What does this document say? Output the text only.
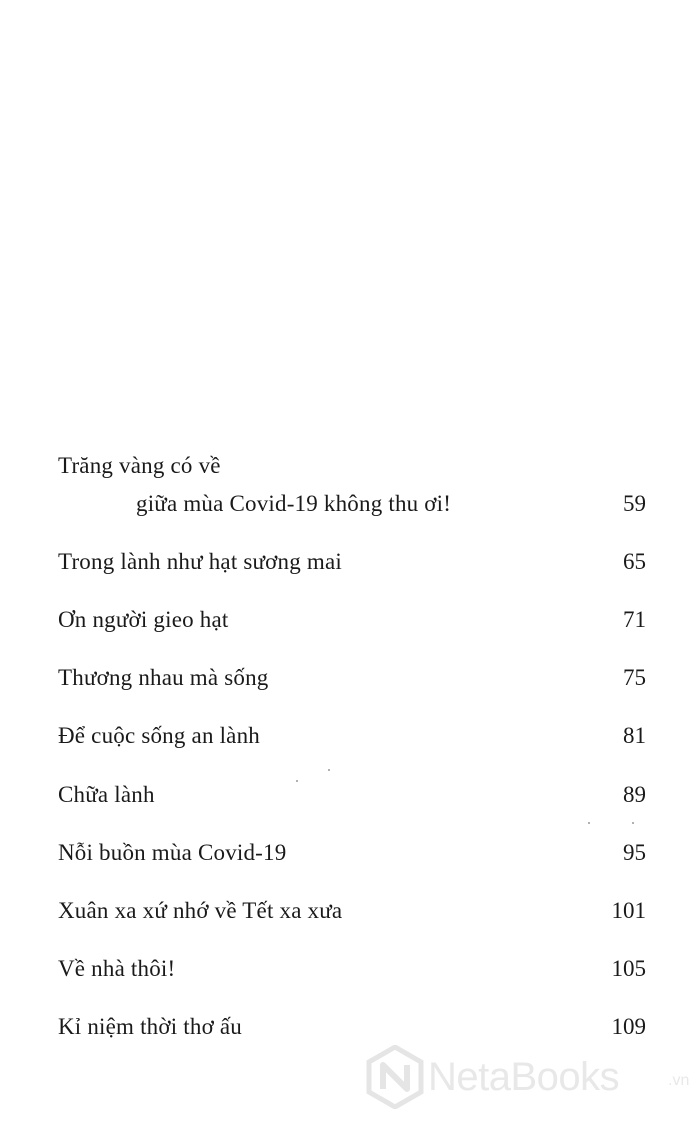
Trăng vàng có về
giữa mùa Covid-19 không thu ơi!	59
Trong lành như hạt sương mai	65
Ơn người gieo hạt	71
Thương nhau mà sống	75
Để cuộc sống an lành	81
Chữa lành	89
Nỗi buồn mùa Covid-19	95
Xuân xa xứ nhớ về Tết xa xưa	101
Về nhà thôi!	105
Kỉ niệm thời thơ ấu	109
NetaBooks	.vn
